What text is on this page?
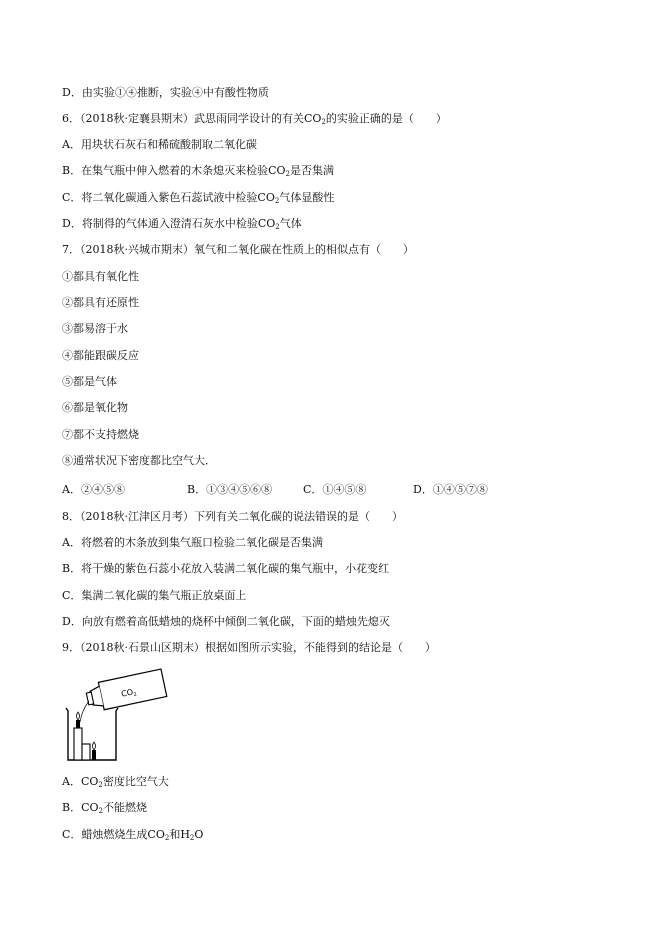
D．由实验①④推断，实验④中有酸性物质
6．（2018秋·定襄县期末）武思雨同学设计的有关$CO_2$的实验正确的是（　　）
A．用块状石灰石和稀硫酸制取二氧化碳
B．在集气瓶中伸入燃着的木条熄灭来检验$CO_2$是否集满
C．将二氧化碳通入紫色石蕊试液中检验$CO_2$气体显酸性
D．将制得的气体通入澄清石灰水中检验$CO_2$气体
7．（2018秋·兴城市期末）氧气和二氧化碳在性质上的相似点有（　　）
①都具有氧化性
②都具有还原性
③都易溶于水
④都能跟碳反应
⑤都是气体
⑥都是氧化物
⑦都不支持燃烧
⑧通常状况下密度都比空气大．
A．②④⑤⑧	B．①③④⑤⑥⑧	C．①④⑤⑧	D．①④⑤⑦⑧
8．（2018秋·江津区月考）下列有关二氧化碳的说法错误的是（　　）
A．将燃着的木条放到集气瓶口检验二氧化碳是否集满
B．将干燥的紫色石蕊小花放入装满二氧化碳的集气瓶中，小花变红
C．集满二氧化碳的集气瓶正放桌面上
D．向放有燃着高低蜡烛的烧杯中倾倒二氧化碳，下面的蜡烛先熄灭
9．（2018秋·石景山区期末）根据如图所示实验，不能得到的结论是（　　）
$CO_2$
A．$CO_2$密度比空气大
B．$CO_2$不能燃烧
C．蜡烛燃烧生成$CO_2$和$H_2O$
